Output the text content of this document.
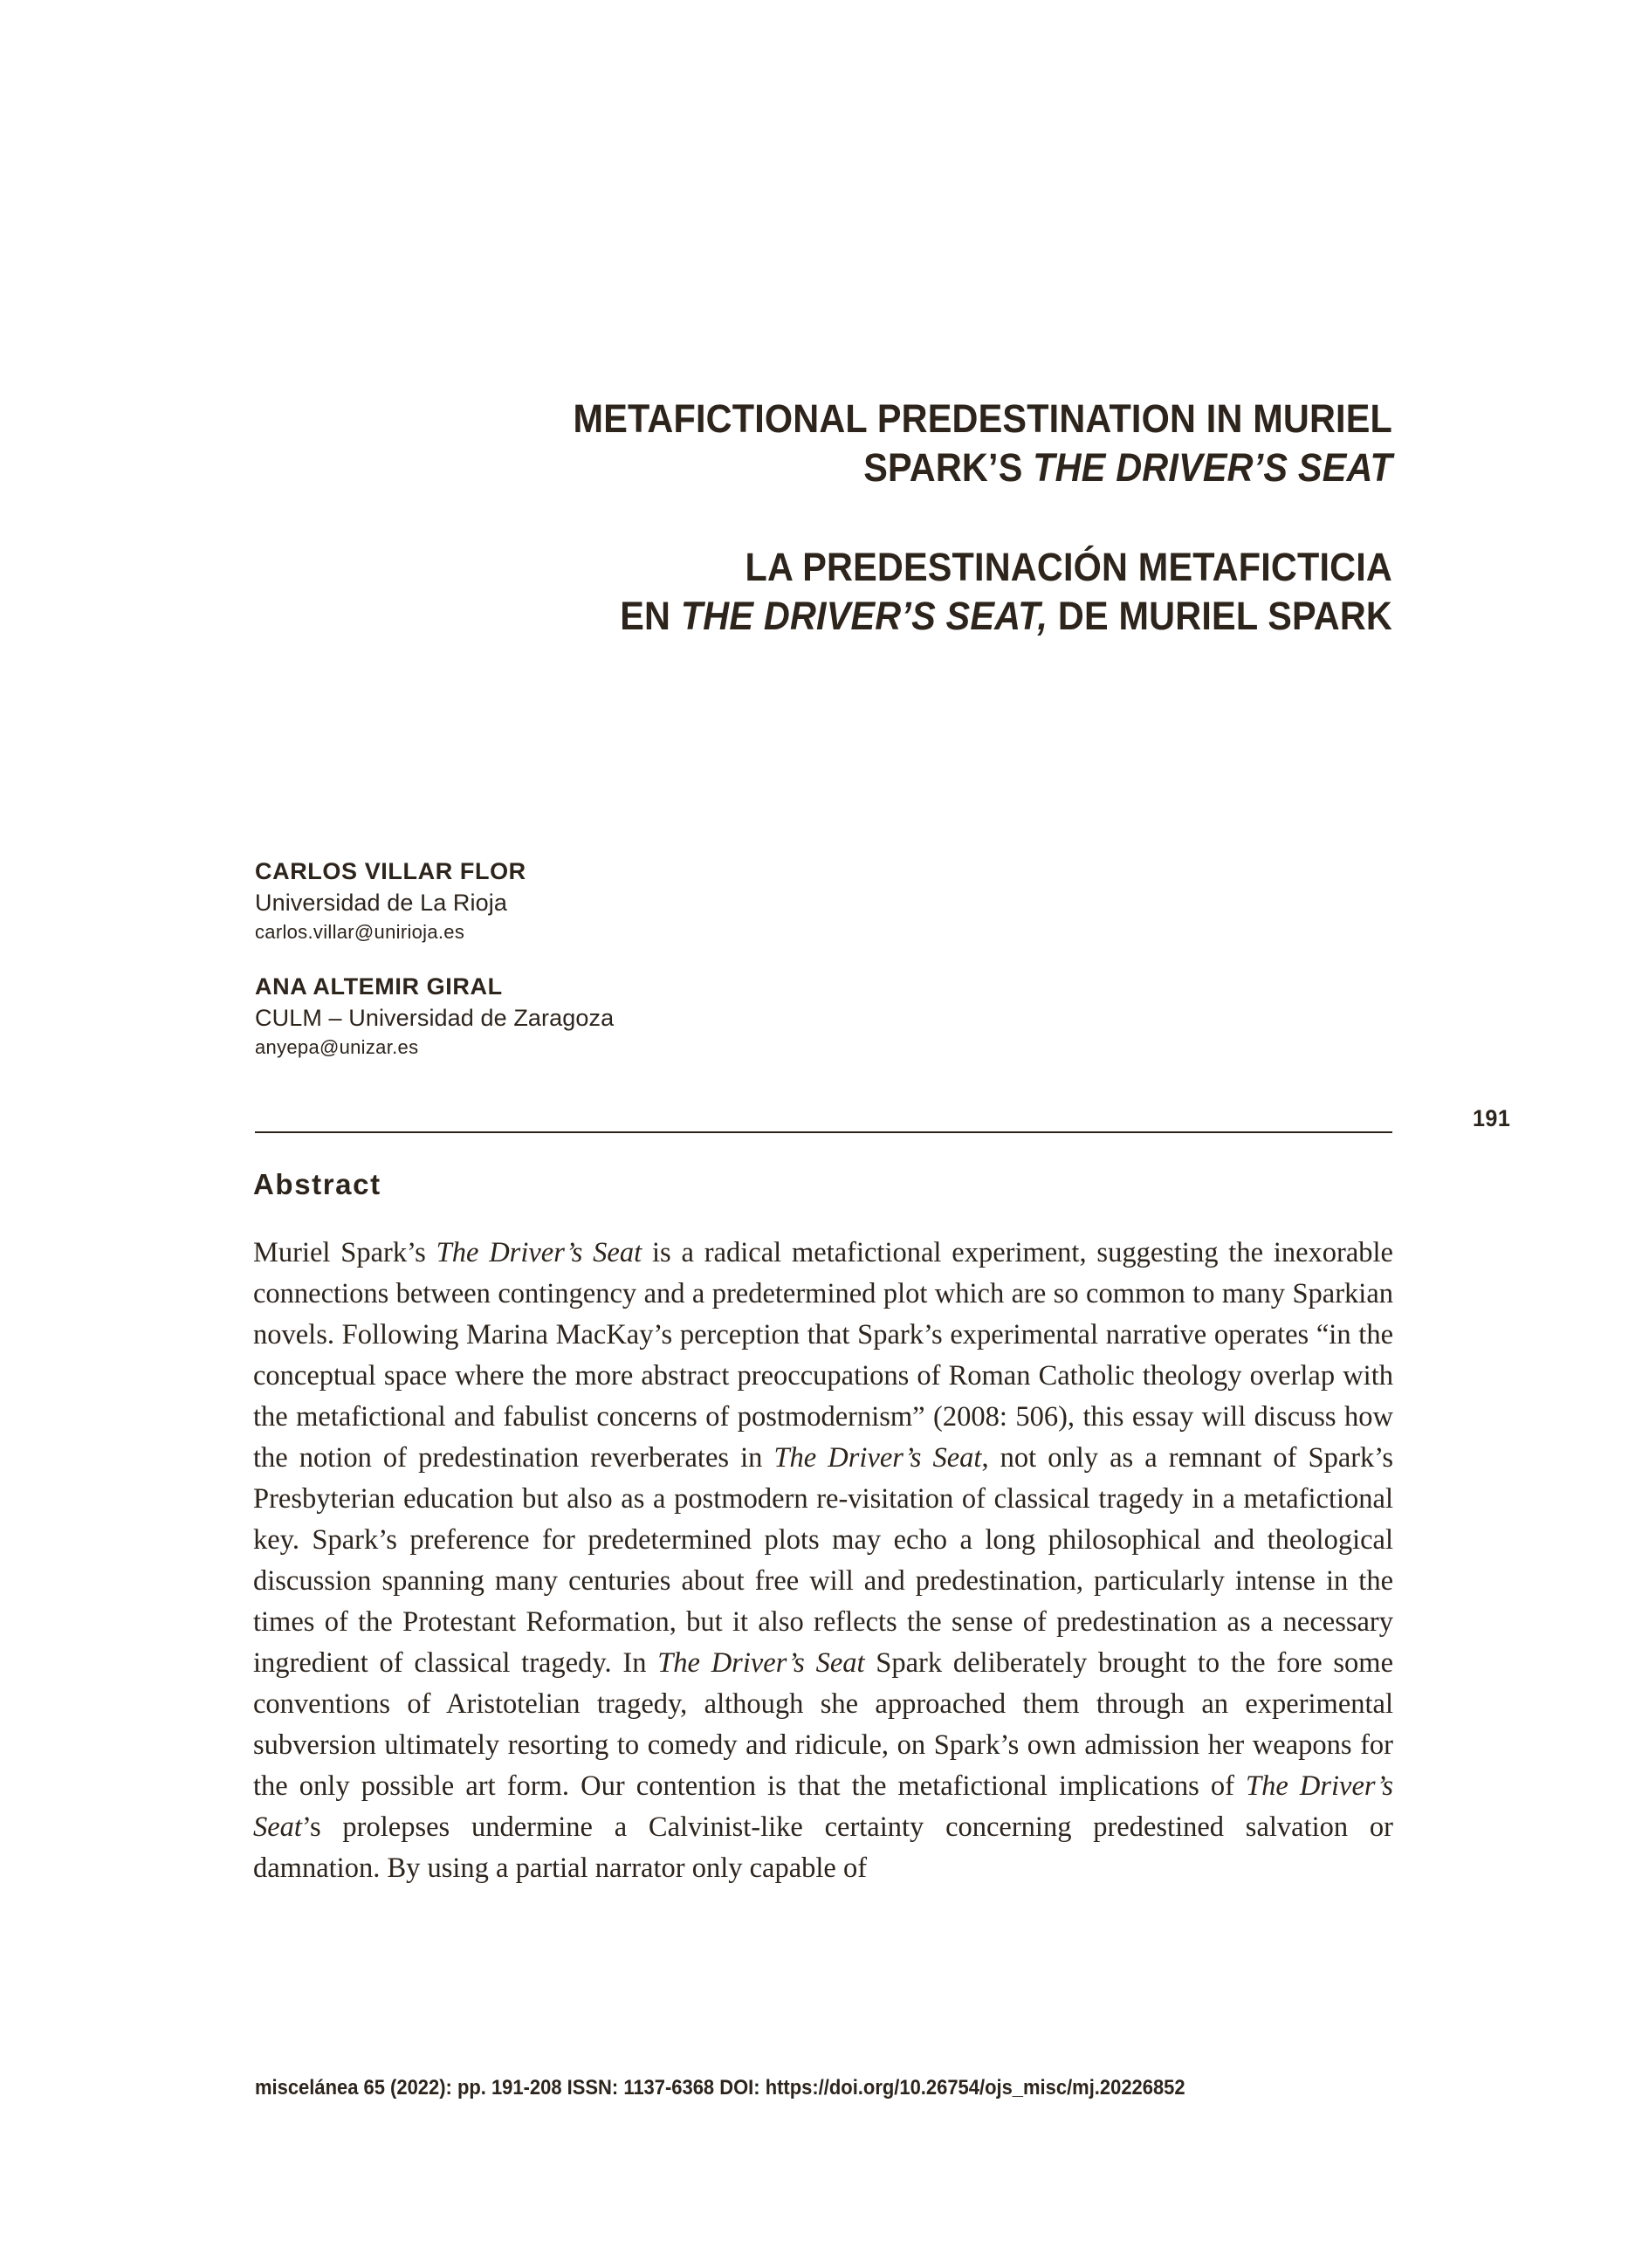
METAFICTIONAL PREDESTINATION IN MURIEL
SPARK’S THE DRIVER’S SEAT
LA PREDESTINACIÓN METAFICTICIA
EN THE DRIVER’S SEAT, DE MURIEL SPARK
CARLOS VILLAR FLOR
Universidad de La Rioja
carlos.villar@unirioja.es
ANA ALTEMIR GIRAL
CULM – Universidad de Zaragoza
anyepa@unizar.es
191
Abstract
Muriel Spark’s The Driver’s Seat is a radical metafictional experiment, suggesting the inexorable connections between contingency and a predetermined plot which are so common to many Sparkian novels. Following Marina MacKay’s perception that Spark’s experimental narrative operates “in the conceptual space where the more abstract preoccupations of Roman Catholic theology overlap with the metafictional and fabulist concerns of postmodernism” (2008: 506), this essay will discuss how the notion of predestination reverberates in The Driver’s Seat, not only as a remnant of Spark’s Presbyterian education but also as a postmodern re-visitation of classical tragedy in a metafictional key. Spark’s preference for predetermined plots may echo a long philosophical and theological discussion spanning many centuries about free will and predestination, particularly intense in the times of the Protestant Reformation, but it also reflects the sense of predestination as a necessary ingredient of classical tragedy. In The Driver’s Seat Spark deliberately brought to the fore some conventions of Aristotelian tragedy, although she approached them through an experimental subversion ultimately resorting to comedy and ridicule, on Spark’s own admission her weapons for the only possible art form. Our contention is that the metafictional implications of The Driver’s Seat’s prolepses undermine a Calvinist-like certainty concerning predestined salvation or damnation. By using a partial narrator only capable of
miscelánea 65 (2022): pp. 191-208 ISSN: 1137-6368 DOI: https://doi.org/10.26754/ojs_misc/mj.20226852
